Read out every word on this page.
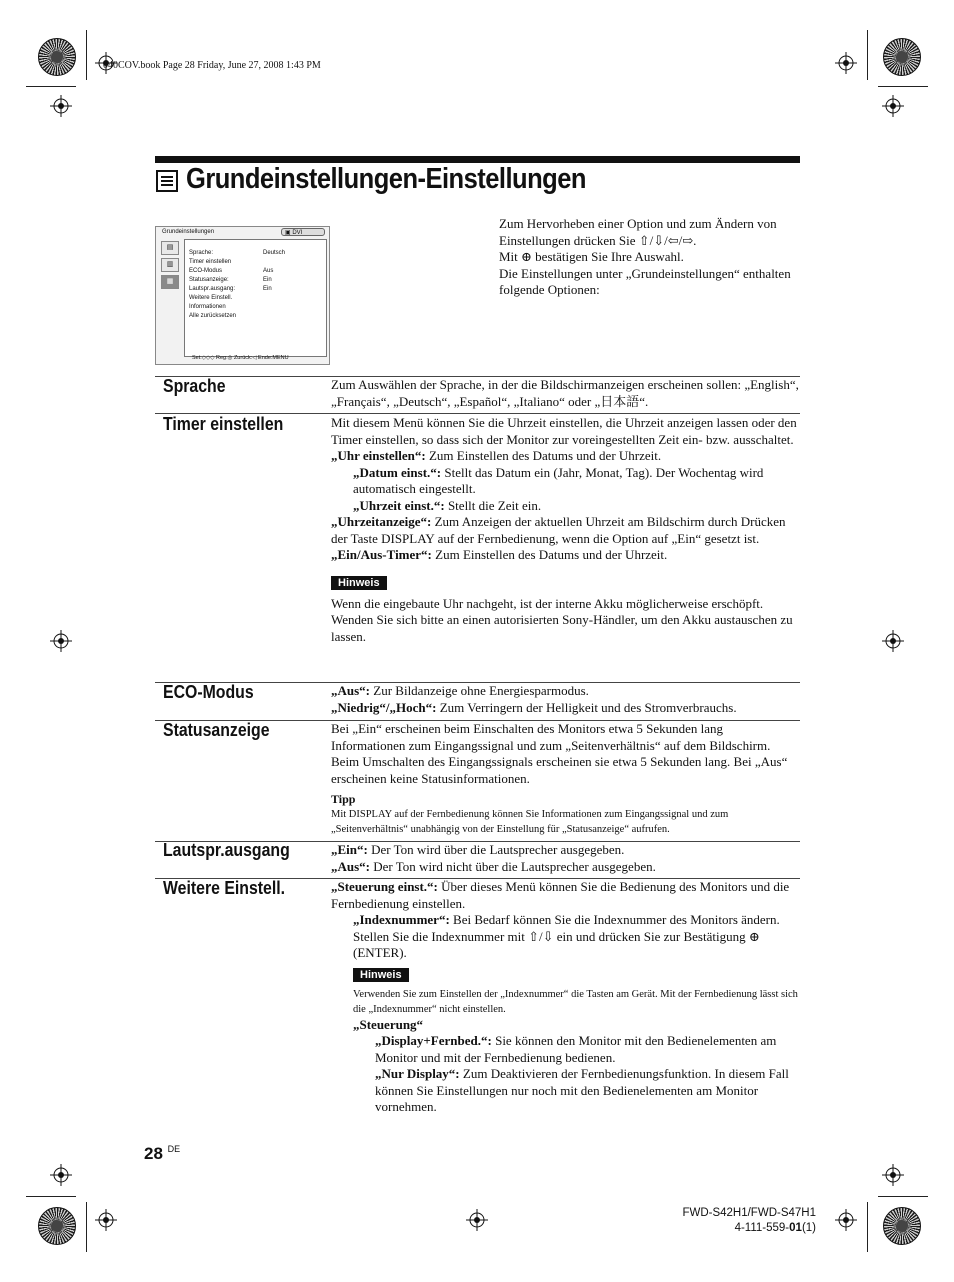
040COV.book Page 28 Friday, June 27, 2008 1:43 PM
Grundeinstellungen-Einstellungen
Grundeinstellungen	▣ DVI
▤
▥
▦
Sprache:	Deutsch
Timer einstellen
ECO-Modus	Aus
Statusanzeige:	Ein
Lautspr.ausgang:	Ein
Weitere Einstell.
Informationen
Alle zurücksetzen
Set:◇◇◇ Reg:◎ Zurück:◁ Ende:MENU
Zum Hervorheben einer Option und zum Ändern von Einstellungen drücken Sie ⇧/⇩/⇦/⇨.
Mit ⊕ bestätigen Sie Ihre Auswahl.
Die Einstellungen unter „Grundeinstellungen“ enthalten folgende Optionen:
Sprache	Zum Auswählen der Sprache, in der die Bildschirmanzeigen erscheinen sollen: „English“, „Français“, „Deutsch“, „Español“, „Italiano“ oder „日本語“.

Timer einstellen	Mit diesem Menü können Sie die Uhrzeit einstellen, die Uhrzeit anzeigen lassen oder den Timer einstellen, so dass sich der Monitor zur voreingestellten Zeit ein- bzw. ausschaltet.

„Uhr einstellen“: Zum Einstellen des Datums und der Uhrzeit.

„Datum einst.“: Stellt das Datum ein (Jahr, Monat, Tag). Der Wochentag wird automatisch eingestellt.

„Uhrzeit einst.“: Stellt die Zeit ein.

„Uhrzeitanzeige“: Zum Anzeigen der aktuellen Uhrzeit am Bildschirm durch Drücken der Taste DISPLAY auf der Fernbedienung, wenn die Option auf „Ein“ gesetzt ist.

„Ein/Aus-Timer“: Zum Einstellen des Datums und der Uhrzeit.

Hinweis

Wenn die eingebaute Uhr nachgeht, ist der interne Akku möglicherweise erschöpft. Wenden Sie sich bitte an einen autorisierten Sony-Händler, um den Akku austauschen zu lassen.

ECO-Modus	„Aus“: Zur Bildanzeige ohne Energiesparmodus.

„Niedrig“/„Hoch“: Zum Verringern der Helligkeit und des Stromverbrauchs.

Statusanzeige	Bei „Ein“ erscheinen beim Einschalten des Monitors etwa 5 Sekunden lang Informationen zum Eingangssignal und zum „Seitenverhältnis“ auf dem Bildschirm. Beim Umschalten des Eingangssignals erscheinen sie etwa 5 Sekunden lang. Bei „Aus“ erscheinen keine Statusinformationen.

Tipp

Mit DISPLAY auf der Fernbedienung können Sie Informationen zum Eingangssignal und zum „Seitenverhältnis“ unabhängig von der Einstellung für „Statusanzeige“ aufrufen.

Lautspr.ausgang	„Ein“: Der Ton wird über die Lautsprecher ausgegeben.

„Aus“: Der Ton wird nicht über die Lautsprecher ausgegeben.

Weitere Einstell.	„Steuerung einst.“: Über dieses Menü können Sie die Bedienung des Monitors und die Fernbedienung einstellen.

„Indexnummer“: Bei Bedarf können Sie die Indexnummer des Monitors ändern. Stellen Sie die Indexnummer mit ⇧/⇩ ein und drücken Sie zur Bestätigung ⊕ (ENTER).

Hinweis

Verwenden Sie zum Einstellen der „Indexnummer“ die Tasten am Gerät. Mit der Fernbedienung lässt sich die „Indexnummer“ nicht einstellen.

„Steuerung“

„Display+Fernbed.“: Sie können den Monitor mit den Bedienelementen am Monitor und mit der Fernbedienung bedienen.

„Nur Display“: Zum Deaktivieren der Fernbedienungsfunktion. In diesem Fall können Sie Einstellungen nur noch mit den Bedienelementen am Monitor vornehmen.

28 $^{DE}$
FWD-S42H1/FWD-S47H1
4-111-559-01(1)
